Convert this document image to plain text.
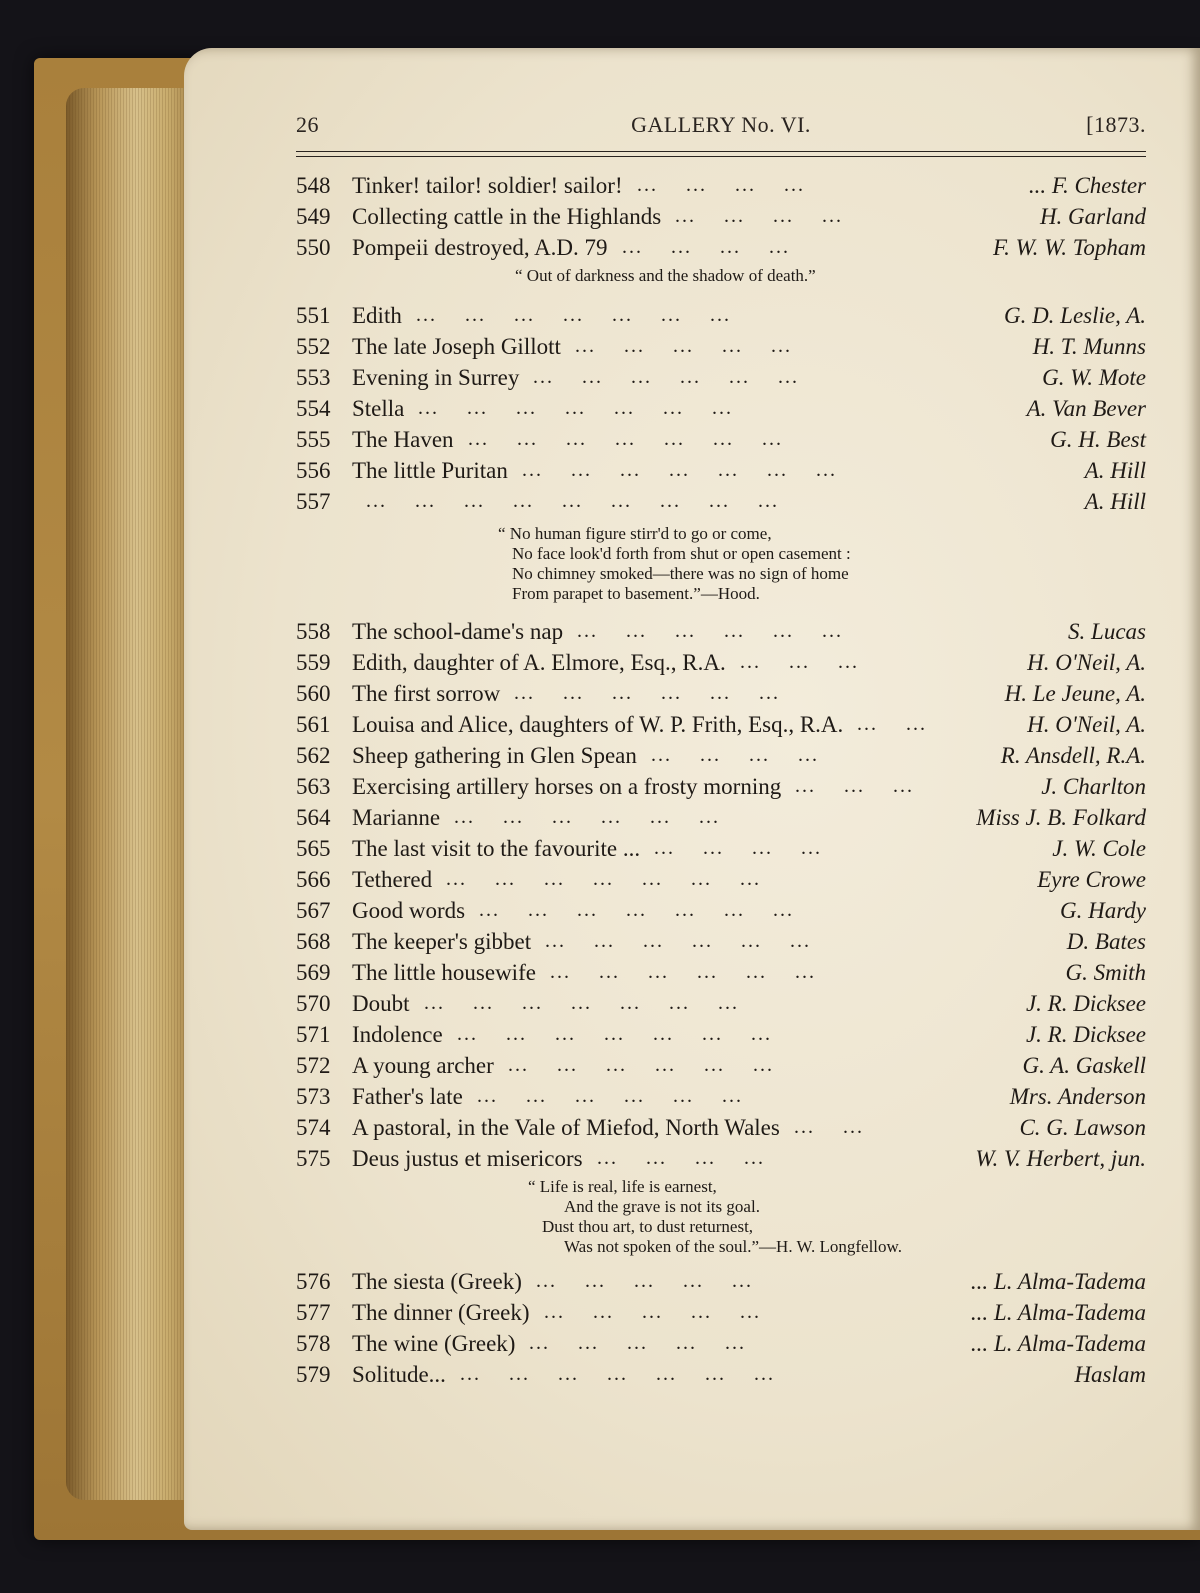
26	GALLERY No. VI.	[1873.
548 Tinker! tailor! soldier! sailor! ...    ...    ...    ...	... F. Chester
549 Collecting cattle in the Highlands ...    ...    ...    ...	H. Garland
550 Pompeii destroyed, A.D. 79 ...    ...    ...    ...	F. W. W. Topham
551 Edith ...    ...    ...    ...    ...    ...    ...	G. D. Leslie, A.
552 The late Joseph Gillott ...    ...    ...    ...    ...	H. T. Munns
553 Evening in Surrey ...    ...    ...    ...    ...    ...	G. W. Mote
554 Stella ...    ...    ...    ...    ...    ...    ...	A. Van Bever
555 The Haven ...    ...    ...    ...    ...    ...    ...	G. H. Best
556 The little Puritan ...    ...    ...    ...    ...    ...    ...	A. Hill
557	...    ...    ...    ...    ...    ...    ...    ...    ...	A. Hill
558 The school-dame's nap ...    ...    ...    ...    ...    ...	S. Lucas
559 Edith, daughter of A. Elmore, Esq., R.A. ...    ...    ...	H. O'Neil, A.
560 The first sorrow ...    ...    ...    ...    ...    ...	H. Le Jeune, A.
561 Louisa and Alice, daughters of W. P. Frith, Esq., R.A. ...    ...	H. O'Neil, A.
562 Sheep gathering in Glen Spean ...    ...    ...    ...	R. Ansdell, R.A.
563 Exercising artillery horses on a frosty morning ...    ...    ...	J. Charlton
564 Marianne ...    ...    ...    ...    ...    ...	Miss J. B. Folkard
565 The last visit to the favourite ... ...    ...    ...    ...	J. W. Cole
566 Tethered ...    ...    ...    ...    ...    ...    ...	Eyre Crowe
567 Good words ...    ...    ...    ...    ...    ...    ...	G. Hardy
568 The keeper's gibbet ...    ...    ...    ...    ...    ...	D. Bates
569 The little housewife ...    ...    ...    ...    ...    ...	G. Smith
570 Doubt ...    ...    ...    ...    ...    ...    ...	J. R. Dicksee
571 Indolence ...    ...    ...    ...    ...    ...    ...	J. R. Dicksee
572 A young archer ...    ...    ...    ...    ...    ...	G. A. Gaskell
573 Father's late ...    ...    ...    ...    ...    ...	Mrs. Anderson
574 A pastoral, in the Vale of Miefod, North Wales ...    ...	C. G. Lawson
575 Deus justus et misericors ...    ...    ...    ...	W. V. Herbert, jun.
576 The siesta (Greek) ...    ...    ...    ...    ...	... L. Alma-Tadema
577 The dinner (Greek) ...    ...    ...    ...    ...	... L. Alma-Tadema
578 The wine (Greek) ...    ...    ...    ...    ...	... L. Alma-Tadema
579 Solitude... ...    ...    ...    ...    ...    ...    ...	Haslam
“ Out of darkness and the shadow of death.”
“ No human figure stirr'd to go or come,
No face look'd forth from shut or open casement :
No chimney smoked—there was no sign of home
From parapet to basement.”—Hood.
“ Life is real, life is earnest,
And the grave is not its goal.
Dust thou art, to dust returnest,
Was not spoken of the soul.”—H. W. Longfellow.
